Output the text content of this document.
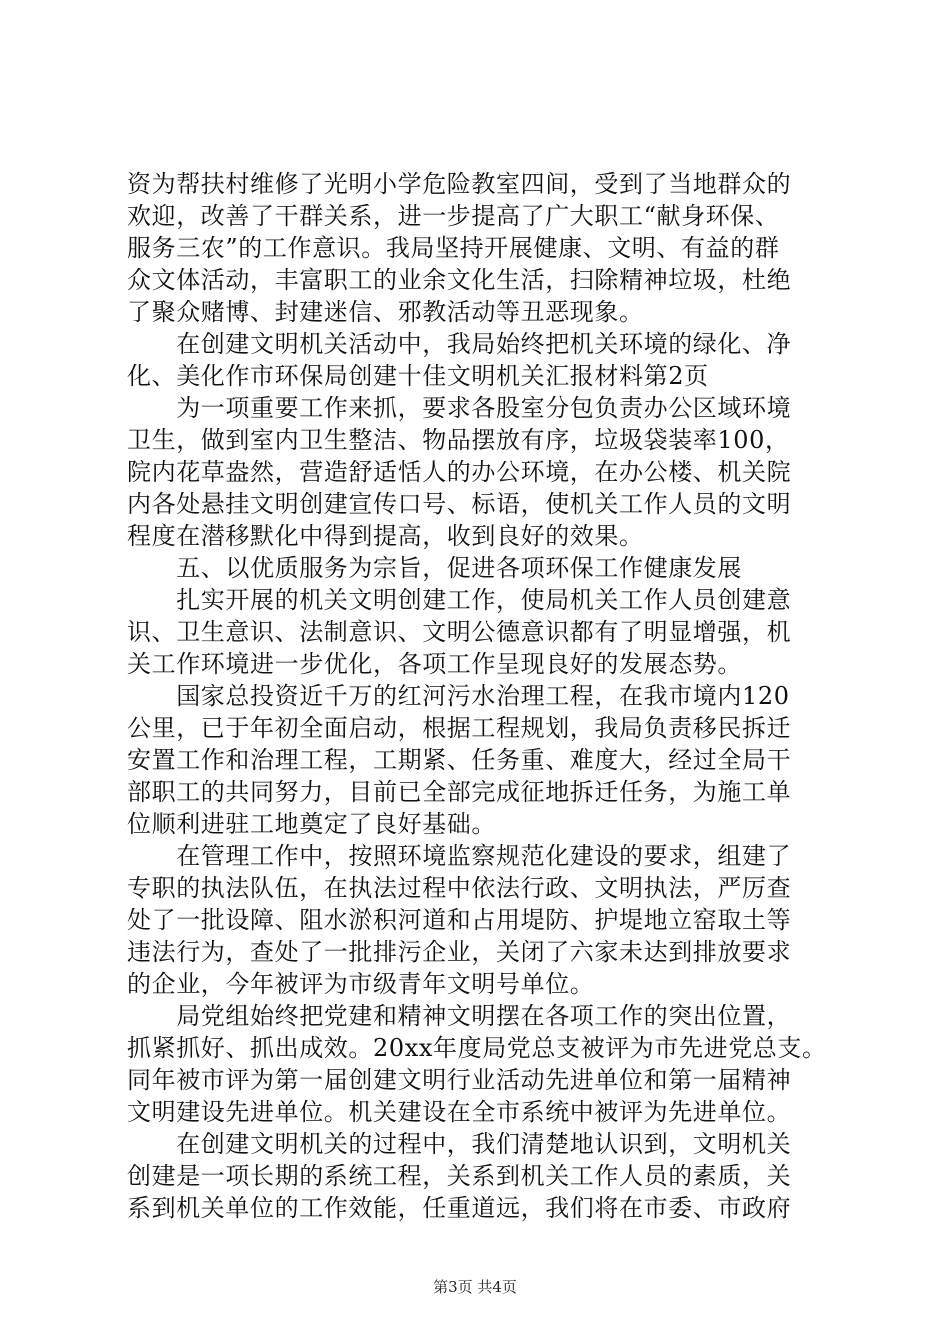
资为帮扶村维修了光明小学危险教室四间，受到了当地群众的
欢迎，改善了干群关系，进一步提高了广大职工“献身环保、
服务三农”的工作意识。我局坚持开展健康、文明、有益的群
众文体活动，丰富职工的业余文化生活，扫除精神垃圾，杜绝
了聚众赌博、封建迷信、邪教活动等丑恶现象。
　　在创建文明机关活动中，我局始终把机关环境的绿化、净
化、美化作市环保局创建十佳文明机关汇报材料第2页
　　为一项重要工作来抓，要求各股室分包负责办公区域环境
卫生，做到室内卫生整洁、物品摆放有序，垃圾袋装率100，
院内花草盎然，营造舒适恬人的办公环境，在办公楼、机关院
内各处悬挂文明创建宣传口号、标语，使机关工作人员的文明
程度在潜移默化中得到提高，收到良好的效果。
　　五、以优质服务为宗旨，促进各项环保工作健康发展
　　扎实开展的机关文明创建工作，使局机关工作人员创建意
识、卫生意识、法制意识、文明公德意识都有了明显增强，机
关工作环境进一步优化，各项工作呈现良好的发展态势。
　　国家总投资近千万的红河污水治理工程，在我市境内120
公里，已于年初全面启动，根据工程规划，我局负责移民拆迁
安置工作和治理工程，工期紧、任务重、难度大，经过全局干
部职工的共同努力，目前已全部完成征地拆迁任务，为施工单
位顺利进驻工地奠定了良好基础。
　　在管理工作中，按照环境监察规范化建设的要求，组建了
专职的执法队伍，在执法过程中依法行政、文明执法，严厉查
处了一批设障、阻水淤积河道和占用堤防、护堤地立窑取土等
违法行为，查处了一批排污企业，关闭了六家未达到排放要求
的企业，今年被评为市级青年文明号单位。
　　局党组始终把党建和精神文明摆在各项工作的突出位置，
抓紧抓好、抓出成效。20xx年度局党总支被评为市先进党总支。
同年被市评为第一届创建文明行业活动先进单位和第一届精神
文明建设先进单位。机关建设在全市系统中被评为先进单位。
　　在创建文明机关的过程中，我们清楚地认识到，文明机关
创建是一项长期的系统工程，关系到机关工作人员的素质，关
系到机关单位的工作效能，任重道远，我们将在市委、市政府
第3页 共4页
